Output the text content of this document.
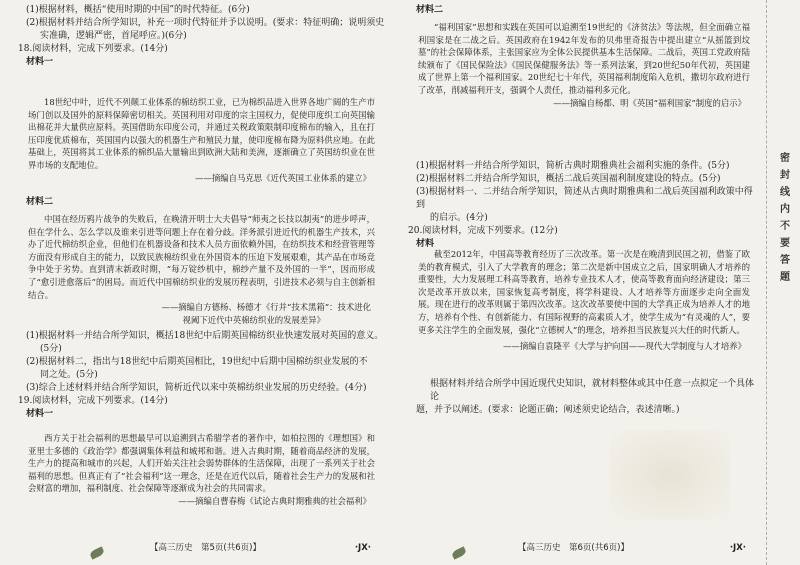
(1)根据材料，概括“使用时期的中国”的时代特征。(6分)

(2)根据材料并结合所学知识，补充一项时代特征并予以说明。(要求：特征明确；说明须史

实准确，逻辑严密，首尾呼应。)(6分)

18.阅读材料，完成下列要求。(14分)

材料一

18世纪中叶，近代不列颠工业体系的棉纺织工业，已为棉织品进入世界各地广阔的生产市场门创以及国外的原料保障密切相关。英国利用对印度的宗主国权力，促使印度织工向英国输出棉花并大量供应原料。英国借助东印度公司，并通过关税政策限制印度棉布的输入，且在打压印度优质棉布，英国国内以强大的机器生产和殖民力量，使印度棉布降为原料供应地。在此基础上，英国将其工业体系的棉织品大量输出到欧洲大陆和美洲，逐渐确立了英国纺织业在世界市场的支配地位。

——摘编自马克思《近代英国工业体系的建立》

材料二

中国在经历鸦片战争的失败后，在晚清开明士大夫倡导“师夷之长技以制夷”的进步呼声，但在学什么、怎么学以及谁来引进等问题上存在着分歧。洋务派引进近代的机器生产技术，兴办了近代棉纺织企业，但他们在机器设备和技术人员方面依赖外国，在纺织技术和经营管理等方面没有形成自主的能力，以致民族棉纺织业在外国资本的压迫下发展艰难，其产品在市场竞争中处于劣势。直到清末新政时期，“每万锭纱机中，棉纱产量不及外国的一半”，因而形成了“愈引进愈落后”的困局。而近代中国棉纺织业的发展历程表明，引进技术必须与自主创新相结合。

——摘编自方德杨、杨德才《行并“技术黑箱”：技术进化

视阈下近代中英棉纺织业的发展差异》

(1)根据材料一并结合所学知识，概括18世纪中后期英国棉纺织业快速发展对英国的意义。

(5分)

(2)根据材料二，指出与18世纪中后期英国相比，19世纪中后期中国棉纺织业发展的不

同之处。(5分)

(3)综合上述材料并结合所学知识，简析近代以来中英棉纺织业发展的历史经验。(4分)

19.阅读材料，完成下列要求。(14分)

材料一

西方关于社会福利的思想最早可以追溯到古希腊学者的著作中，如柏拉图的《理想国》和亚里士多德的《政治学》都强调集体利益和城邦和谐。进入古典时期，随着商品经济的发展，生产力的提高和城市的兴起，人们开始关注社会弱势群体的生活保障，出现了一系列关于社会福利的思想。但真正有了“社会福利”这一理念，还是在近代以后，随着社会生产力的发展和社会财富的增加，福利制度、社会保障等逐渐成为社会的共同需求。

——摘编自曹春梅《试论古典时期雅典的社会福利》

【高三历史　第5页(共6页)】	·JX·

材料二

“福利国家”思想和实践在英国可以追溯至19世纪的《济贫法》等法规，但全面确立福利国家是在二战之后。英国政府在1942年发布的贝弗里奇报告中提出建立“从摇篮到坟墓”的社会保障体系，主张国家应为全体公民提供基本生活保障。二战后，英国工党政府陆续颁布了《国民保险法》《国民保健服务法》等一系列法案，到20世纪50年代初，英国建成了世界上第一个福利国家。20世纪七十年代，英国福利制度陷入危机，撒切尔政府进行了改革，削减福利开支，强调个人责任，推动福利多元化。

——摘编自杨都、明《英国“福利国家”制度的启示》

(1)根据材料一并结合所学知识，简析古典时期雅典社会福利实施的条件。(5分)

(2)根据材料二并结合所学知识，概括二战后英国福利制度建设的特点。(5分)

(3)根据材料一、二并结合所学知识，简述从古典时期雅典和二战后英国福利政策中得到

的启示。(4分)

20.阅读材料，完成下列要求。(12分)

材料

截至2012年，中国高等教育经历了三次改革。第一次是在晚清到民国之初，借鉴了欧美的教育模式，引入了大学教育的理念；第二次是新中国成立之后，国家明确人才培养的重要性，大力发展理工科高等教育，培养专业技术人才，使高等教育面向经济建设；第三次是改革开放以来，国家恢复高考制度，将学科建设、人才培养等方面逐步走向全面发展。现在进行的改革则属于第四次改革。这次改革要使中国的大学真正成为培养人才的地方，培养有个性、有创新能力、有国际视野的高素质人才，使学生成为“有灵魂的人”，要更多关注学生的全面发展，强化“立德树人”的理念，培养担当民族复兴大任的时代新人。

——摘编自袁隆平《大学与护向国——现代大学制度与人才培养》

根据材料并结合所学中国近现代史知识，就材料整体或其中任意一点拟定一个具体论

题，并予以阐述。(要求：论题正确；阐述须史论结合，表述清晰。)

【高三历史　第6页(共6页)】	·JX·
密　封　线　内　不　要　答　题
